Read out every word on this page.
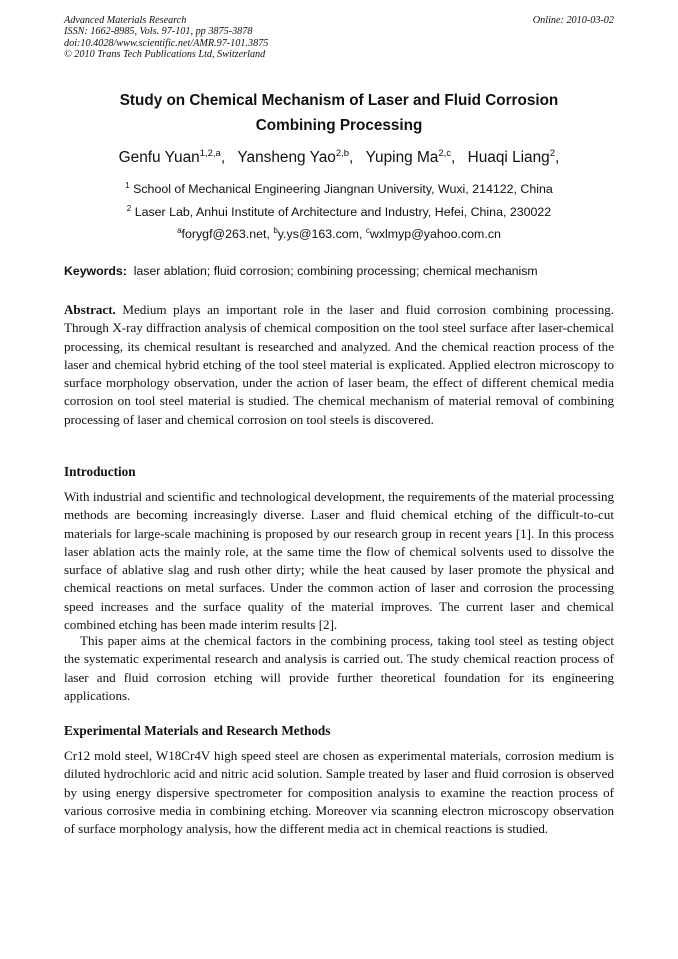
Advanced Materials Research
ISSN: 1662-8985, Vols. 97-101, pp 3875-3878
doi:10.4028/www.scientific.net/AMR.97-101.3875
© 2010 Trans Tech Publications Ltd, Switzerland
Online: 2010-03-02
Study on Chemical Mechanism of Laser and Fluid Corrosion
Combining Processing
Genfu Yuan$^{1,2,a}$, Yansheng Yao$^{2,b}$, Yuping Ma$^{2,c}$, Huaqi Liang$^2$,
$^1$ School of Mechanical Engineering Jiangnan University, Wuxi, 214122, China
$^2$ Laser Lab, Anhui Institute of Architecture and Industry, Hefei, China, 230022
$^a$forygf@263.net, $^b$y.ys@163.com, $^c$wxlmyp@yahoo.com.cn
Keywords: laser ablation; fluid corrosion; combining processing; chemical mechanism

Abstract. Medium plays an important role in the laser and fluid corrosion combining processing. Through X-ray diffraction analysis of chemical composition on the tool steel surface after laser-chemical processing, its chemical resultant is researched and analyzed. And the chemical reaction process of the laser and chemical hybrid etching of the tool steel material is explicated. Applied electron microscopy to surface morphology observation, under the action of laser beam, the effect of different chemical media corrosion on tool steel material is studied. The chemical mechanism of material removal of combining processing of laser and chemical corrosion on tool steels is discovered.

Introduction

With industrial and scientific and technological development, the requirements of the material processing methods are becoming increasingly diverse. Laser and fluid chemical etching of the difficult-to-cut materials for large-scale machining is proposed by our research group in recent years [1]. In this process laser ablation acts the mainly role, at the same time the flow of chemical solvents used to dissolve the surface of ablative slag and rush other dirty; while the heat caused by laser promote the physical and chemical reactions on metal surfaces. Under the common action of laser and corrosion the processing speed increases and the surface quality of the material improves. The current laser and chemical combined etching has been made interim results [2].

This paper aims at the chemical factors in the combining process, taking tool steel as testing object the systematic experimental research and analysis is carried out. The study chemical reaction process of laser and fluid corrosion etching will provide further theoretical foundation for its engineering applications.

Experimental Materials and Research Methods

Cr12 mold steel, W18Cr4V high speed steel are chosen as experimental materials, corrosion medium is diluted hydrochloric acid and nitric acid solution. Sample treated by laser and fluid corrosion is observed by using energy dispersive spectrometer for composition analysis to examine the reaction process of various corrosive media in combining etching. Moreover via scanning electron microscopy observation of surface morphology analysis, how the different media act in chemical reactions is studied.
